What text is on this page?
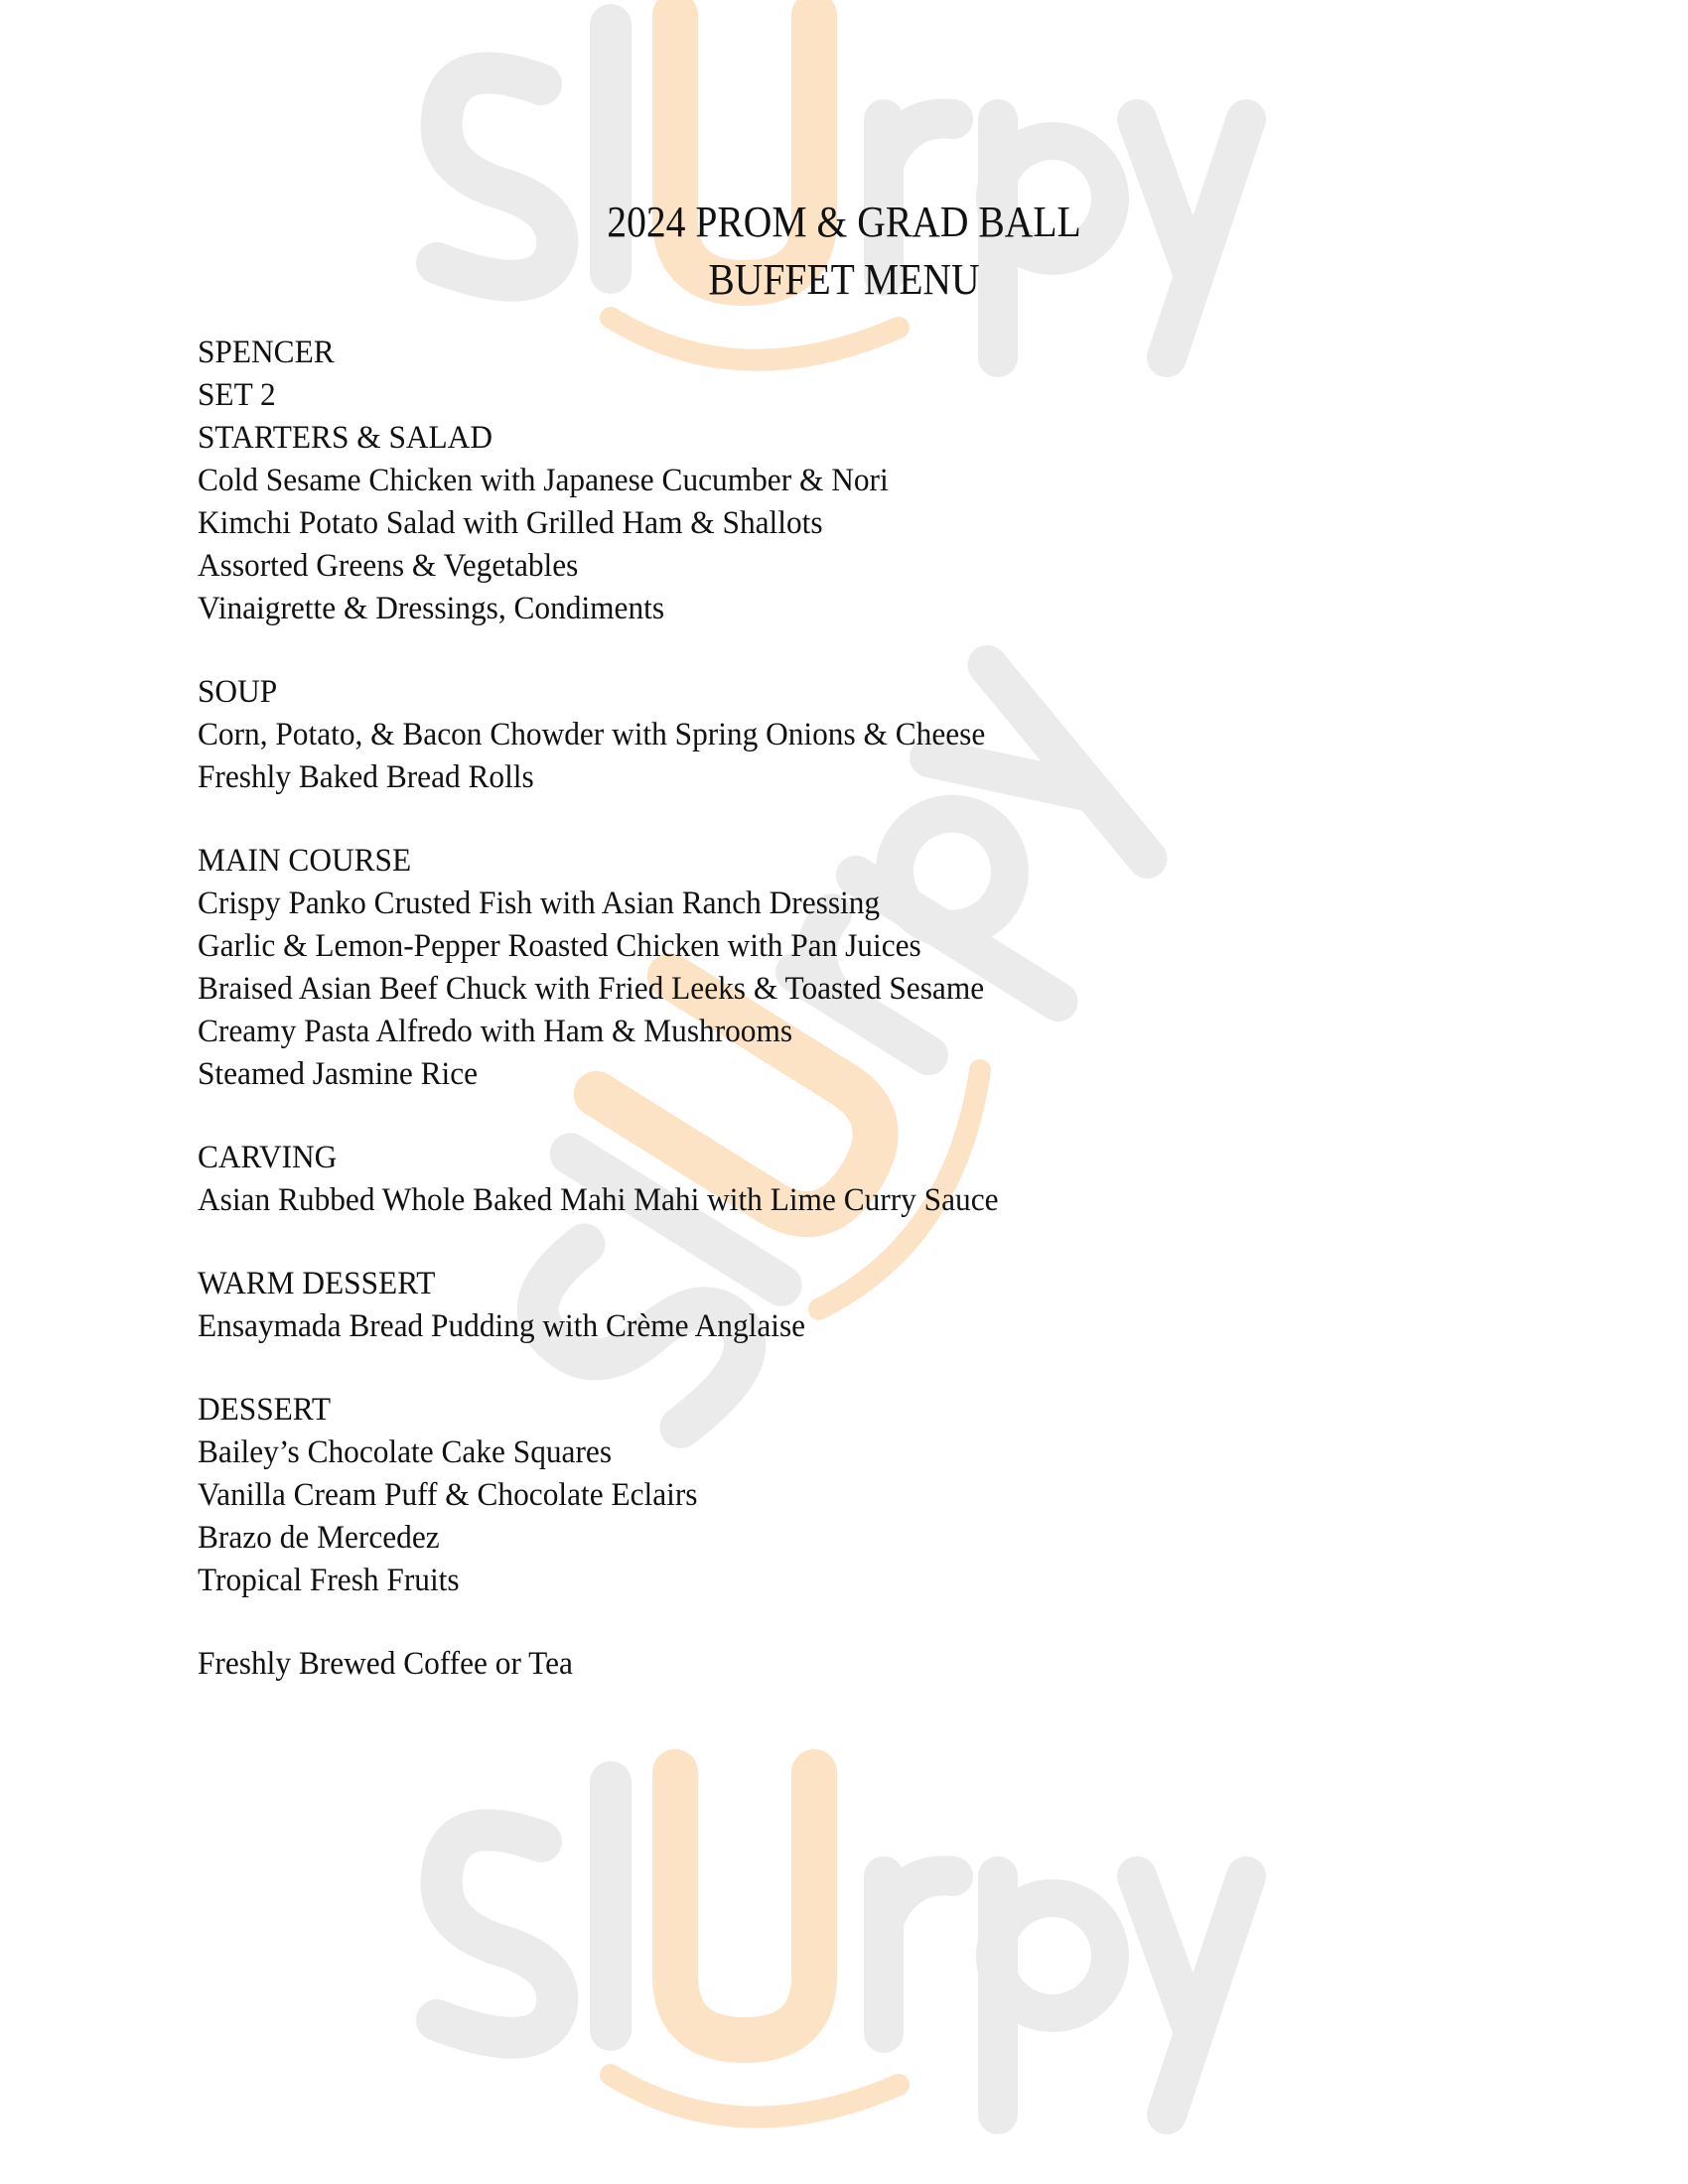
2024 PROM & GRAD BALL
BUFFET MENU
SPENCER
SET 2
STARTERS & SALAD
Cold Sesame Chicken with Japanese Cucumber & Nori
Kimchi Potato Salad with Grilled Ham & Shallots
Assorted Greens & Vegetables
Vinaigrette & Dressings, Condiments
SOUP
Corn, Potato, & Bacon Chowder with Spring Onions & Cheese
Freshly Baked Bread Rolls
MAIN COURSE
Crispy Panko Crusted Fish with Asian Ranch Dressing
Garlic & Lemon-Pepper Roasted Chicken with Pan Juices
Braised Asian Beef Chuck with Fried Leeks & Toasted Sesame
Creamy Pasta Alfredo with Ham & Mushrooms
Steamed Jasmine Rice
CARVING
Asian Rubbed Whole Baked Mahi Mahi with Lime Curry Sauce
WARM DESSERT
Ensaymada Bread Pudding with Crème Anglaise
DESSERT
Bailey’s Chocolate Cake Squares
Vanilla Cream Puff & Chocolate Eclairs
Brazo de Mercedez
Tropical Fresh Fruits
Freshly Brewed Coffee or Tea
